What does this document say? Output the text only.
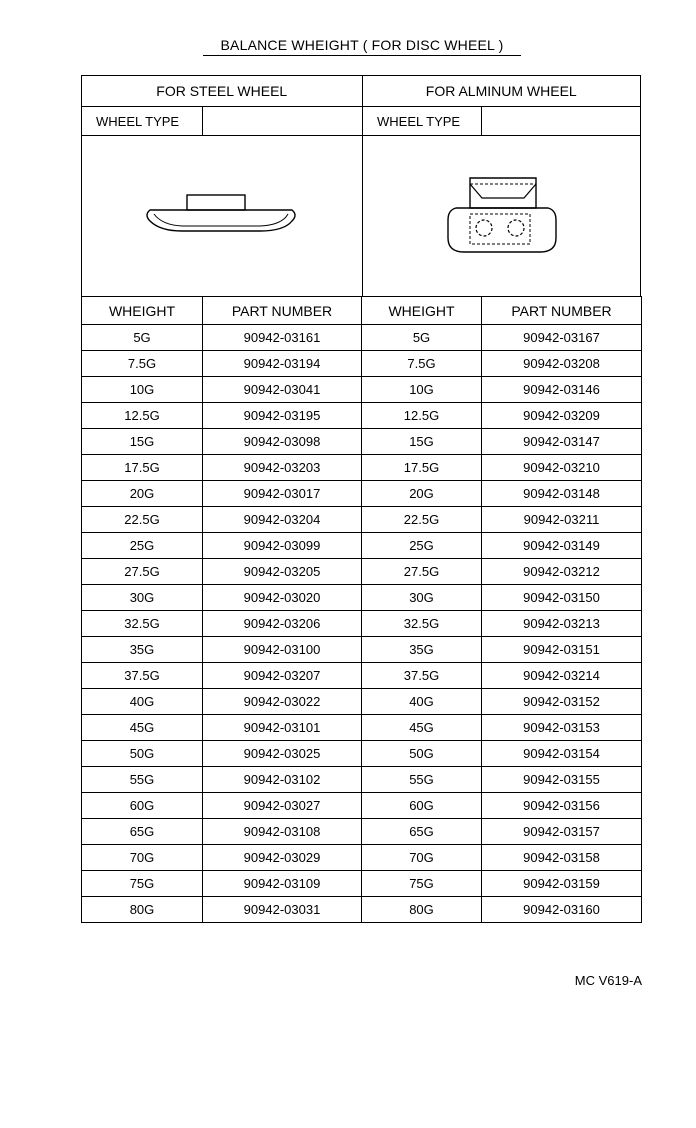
BALANCE WHEIGHT ( FOR DISC WHEEL )
FOR STEEL WHEEL	FOR ALMINUM WHEEL
WHEEL TYPE	WHEEL TYPE
WHEIGHT	PART NUMBER	WHEIGHT	PART NUMBER
5G	90942-03161	5G	90942-03167
7.5G	90942-03194	7.5G	90942-03208
10G	90942-03041	10G	90942-03146
12.5G	90942-03195	12.5G	90942-03209
15G	90942-03098	15G	90942-03147
17.5G	90942-03203	17.5G	90942-03210
20G	90942-03017	20G	90942-03148
22.5G	90942-03204	22.5G	90942-03211
25G	90942-03099	25G	90942-03149
27.5G	90942-03205	27.5G	90942-03212
30G	90942-03020	30G	90942-03150
32.5G	90942-03206	32.5G	90942-03213
35G	90942-03100	35G	90942-03151
37.5G	90942-03207	37.5G	90942-03214
40G	90942-03022	40G	90942-03152
45G	90942-03101	45G	90942-03153
50G	90942-03025	50G	90942-03154
55G	90942-03102	55G	90942-03155
60G	90942-03027	60G	90942-03156
65G	90942-03108	65G	90942-03157
70G	90942-03029	70G	90942-03158
75G	90942-03109	75G	90942-03159
80G	90942-03031	80G	90942-03160
MC V619-A
